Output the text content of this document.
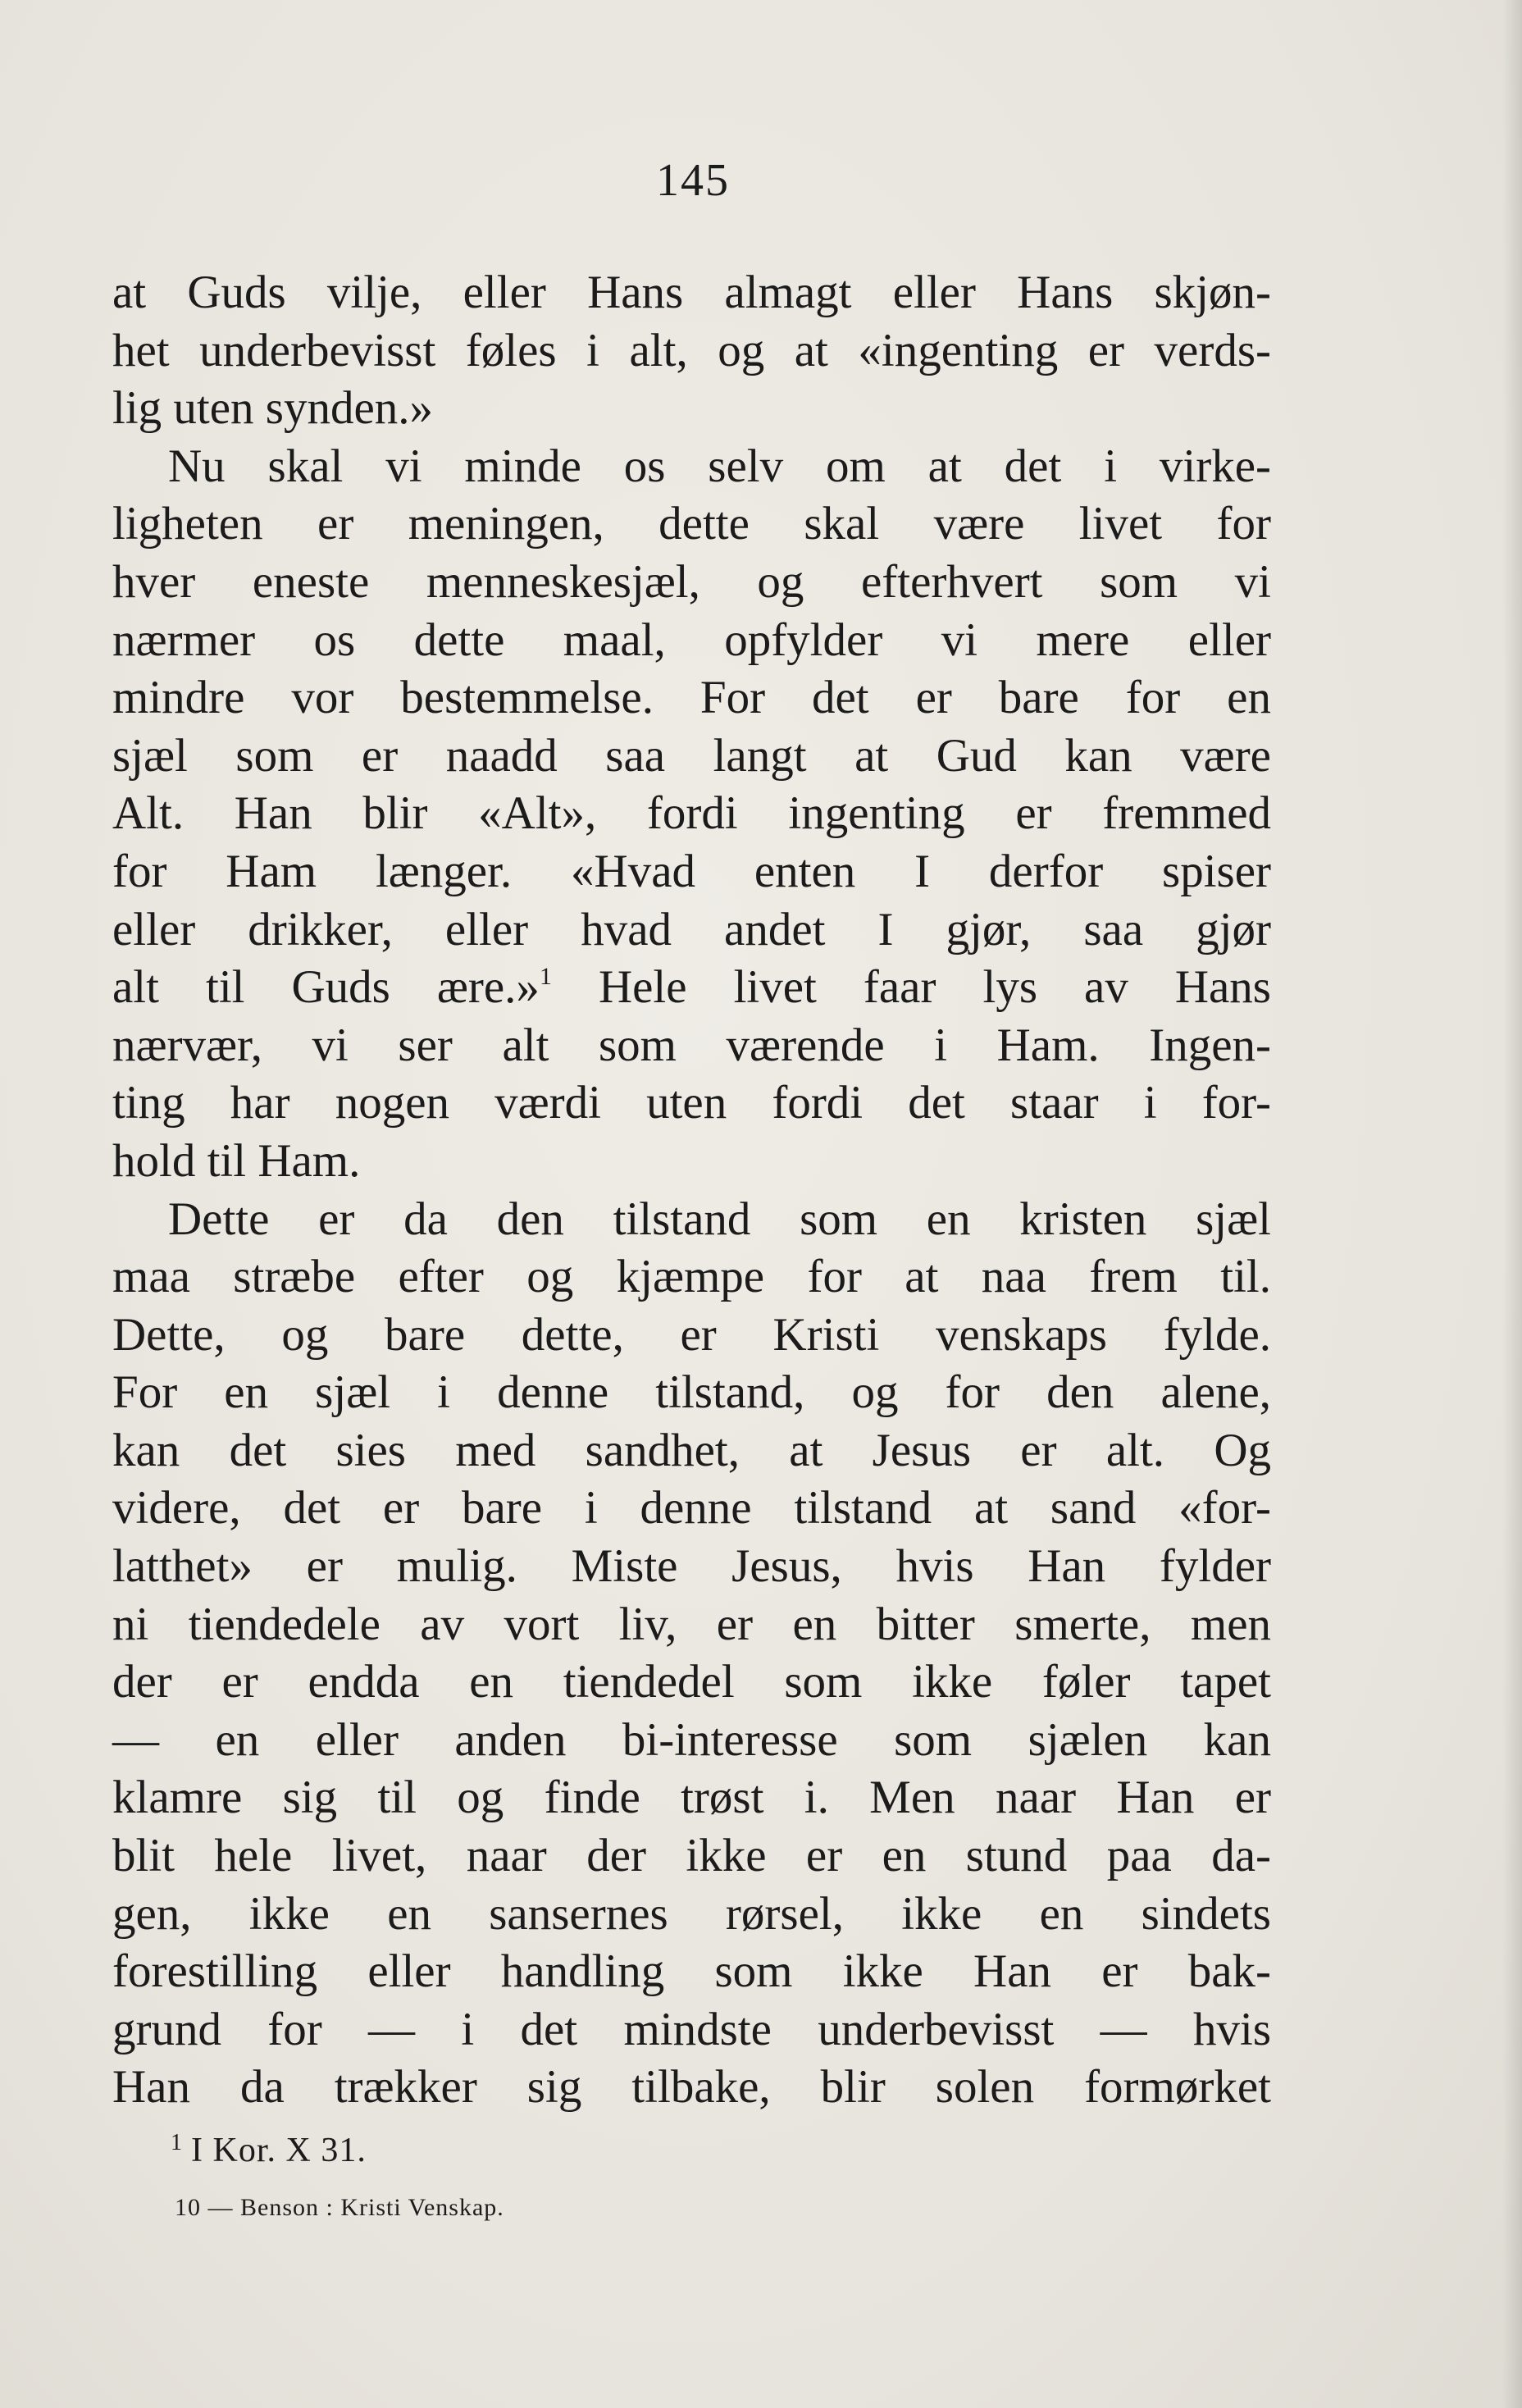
145
at Guds vilje, eller Hans almagt eller Hans skjøn-
het underbevisst føles i alt, og at «ingenting er verds-
lig uten synden.»
Nu skal vi minde os selv om at det i virke-
ligheten er meningen, dette skal være livet for
hver eneste menneskesjæl, og efterhvert som vi
nærmer os dette maal, opfylder vi mere eller
mindre vor bestemmelse. For det er bare for en
sjæl som er naadd saa langt at Gud kan være
Alt. Han blir «Alt», fordi ingenting er fremmed
for Ham længer. «Hvad enten I derfor spiser
eller drikker, eller hvad andet I gjør, saa gjør
alt til Guds ære.»$^1$ Hele livet faar lys av Hans
nærvær, vi ser alt som værende i Ham. Ingen-
ting har nogen værdi uten fordi det staar i for-
hold til Ham.
Dette er da den tilstand som en kristen sjæl
maa stræbe efter og kjæmpe for at naa frem til.
Dette, og bare dette, er Kristi venskaps fylde.
For en sjæl i denne tilstand, og for den alene,
kan det sies med sandhet, at Jesus er alt. Og
videre, det er bare i denne tilstand at sand «for-
latthet» er mulig. Miste Jesus, hvis Han fylder
ni tiendedele av vort liv, er en bitter smerte, men
der er endda en tiendedel som ikke føler tapet
— en eller anden bi-interesse som sjælen kan
klamre sig til og finde trøst i. Men naar Han er
blit hele livet, naar der ikke er en stund paa da-
gen, ikke en sansernes rørsel, ikke en sindets
forestilling eller handling som ikke Han er bak-
grund for — i det mindste underbevisst — hvis
Han da trækker sig tilbake, blir solen formørket
$^1$ I Kor. X 31.
10 — Benson : Kristi Venskap.
